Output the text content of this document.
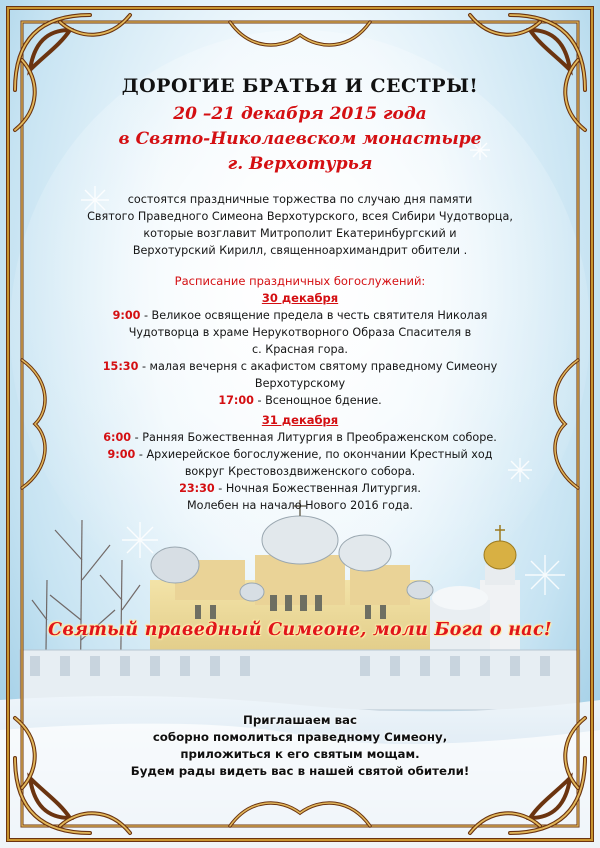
ДОРОГИЕ БРАТЬЯ И СЕСТРЫ!
20 –21 декабря 2015 года
в Свято-Николаевском монастыре
г. Верхотурья
состоятся праздничные торжества по случаю дня памяти
Святого Праведного Симеона Верхотурского, всея Сибири Чудотворца,
которые возглавит Митрополит Екатеринбургский и
Верхотурский Кирилл, священноархимандрит обители .
Расписание праздничных богослужений:
30 декабря
9:00 - Великое освящение предела в честь святителя Николая
Чудотворца в храме Нерукотворного Образа Спасителя в
с. Красная гора.
15:30 - малая вечерня с акафистом святому праведному Симеону
Верхотурскому
17:00 - Всенощное бдение.
31 декабря
6:00 - Ранняя Божественная Литургия в Преображенском соборе.
9:00 - Архиерейское богослужение, по окончании Крестный ход
вокруг Крестовоздвиженского собора.
23:30 - Ночная Божественная Литургия.
Молебен на начало Нового 2016 года.
Святый праведный Симеоне, моли Бога о нас!
Приглашаем вас
соборно помолиться праведному Симеону,
приложиться к его святым мощам.
Будем рады видеть вас в нашей святой обители!
